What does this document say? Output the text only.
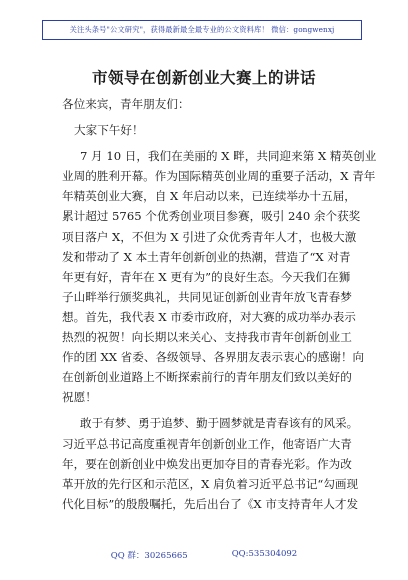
关注头条号"公文研究"，获得最新最全最专业的公文资料库！ 微信：gongwenxj
市领导在创新创业大赛上的讲话
各位来宾，青年朋友们：
大家下午好！
7 月 10 日，我们在美丽的 X 畔，共同迎来第 X 精英创业
业周的胜利开幕。作为国际精英创业周的重要子活动，X 青年
年精英创业大赛，自 X 年启动以来，已连续举办十五届，
累计超过 5765 个优秀创业项目参赛，吸引 240 余个获奖
项目落户 X，不但为 X 引进了众优秀青年人才，也极大激
发和带动了 X 本土青年创新创业的热潮，营造了“X 对青
年更有好，青年在 X 更有为”的良好生态。今天我们在狮
子山畔举行颁奖典礼，共同见证创新创业青年放飞青春梦
想。首先，我代表 X 市委市政府，对大赛的成功举办表示
热烈的祝贺！向长期以来关心、支持我市青年创新创业工
作的团 XX 省委、各级领导、各界朋友表示衷心的感谢！向
在创新创业道路上不断探索前行的青年朋友们致以美好的
祝愿！
敢于有梦、勇于追梦、勤于圆梦就是青春该有的风采。
习近平总书记高度重视青年创新创业工作，他寄语广大青
年，要在创新创业中焕发出更加夺目的青春光彩。作为改
革开放的先行区和示范区，X 肩负着习近平总书记“勾画现
代化目标”的殷殷嘱托，先后出台了《X 市支持青年人才发
QQ 群：30265665	QQ:535304092
